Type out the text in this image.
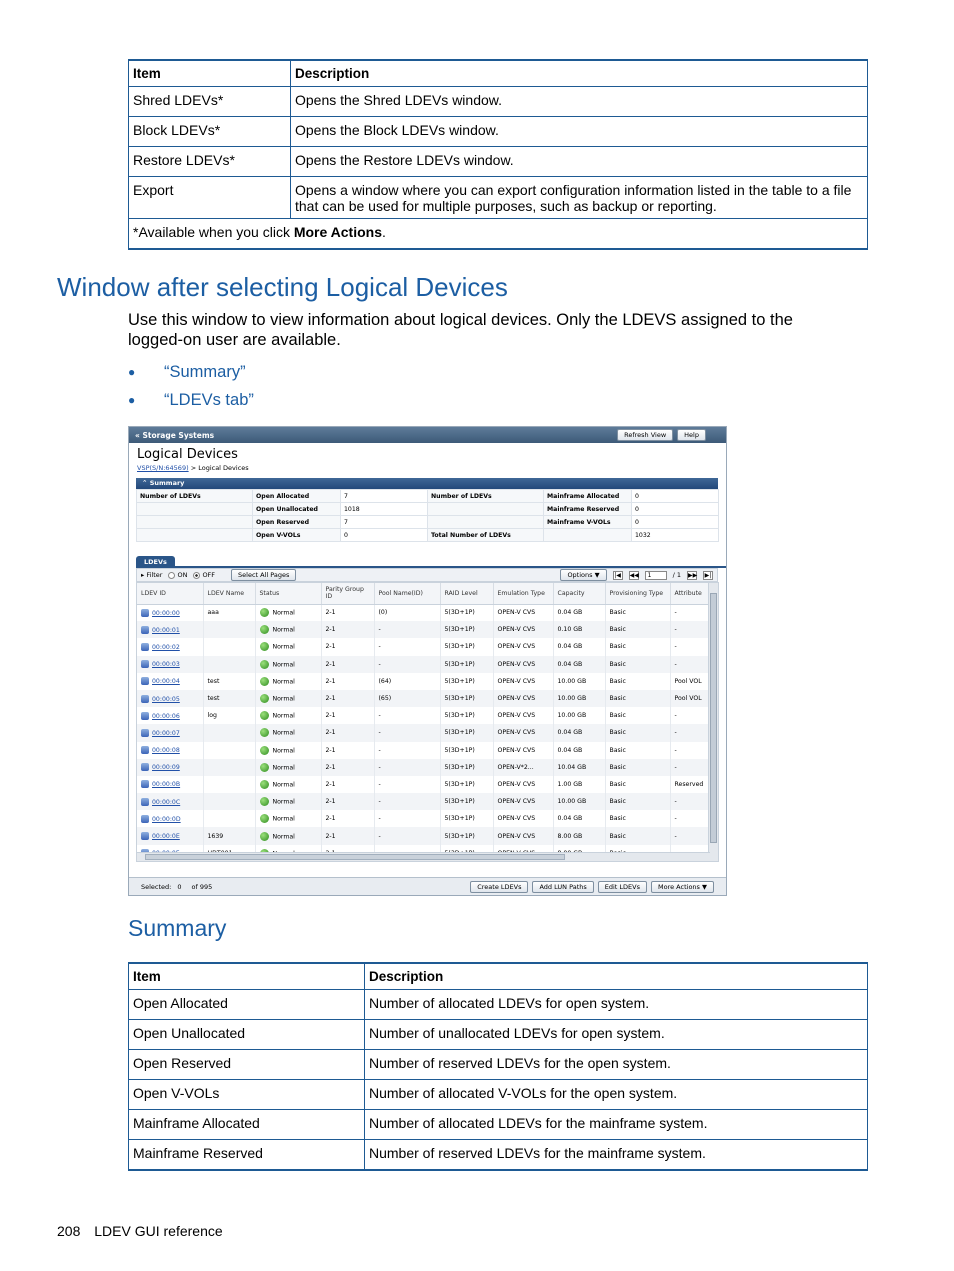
Item	Description
Shred LDEVs*	Opens the Shred LDEVs window.
Block LDEVs*	Opens the Block LDEVs window.
Restore LDEVs*	Opens the Restore LDEVs window.
Export	Opens a window where you can export configuration information listed in the table to a file that can be used for multiple purposes, such as backup or reporting.
*Available when you click More Actions.	
Window after selecting Logical Devices

Use this window to view information about logical devices. Only the LDEVS assigned to the logged-on user are available.

●	“Summary”
●	“LDEVs tab”
« Storage Systems	Refresh View	Help
Logical Devices
VSP(S/N:64569) > Logical Devices
⌃ Summary
Number of LDEVs	Open Allocated	7	Number of LDEVs	Mainframe Allocated	0
	Open Unallocated	1018		Mainframe Reserved	0
	Open Reserved	7		Mainframe V-VOLs	0
	Open V-VOLs	0	Total Number of LDEVs		1032
LDEVs
▸ Filter	ON	OFF	Select All Pages	Options ▼	|◀ ◀◀	1	/ 1 ▶▶ ▶|
LDEV ID	LDEV Name	Status	Parity Group ID	Pool Name(ID)	RAID Level	Emulation Type	Capacity	Provisioning Type	Attribute
00:00:00	aaa	Normal	2-1	(0)	5(3D+1P)	OPEN-V CVS	0.04 GB	Basic	-
00:00:01		Normal	2-1	-	5(3D+1P)	OPEN-V CVS	0.10 GB	Basic	-
00:00:02		Normal	2-1	-	5(3D+1P)	OPEN-V CVS	0.04 GB	Basic	-
00:00:03		Normal	2-1	-	5(3D+1P)	OPEN-V CVS	0.04 GB	Basic	-
00:00:04	test	Normal	2-1	(64)	5(3D+1P)	OPEN-V CVS	10.00 GB	Basic	Pool VOL
00:00:05	test	Normal	2-1	(65)	5(3D+1P)	OPEN-V CVS	10.00 GB	Basic	Pool VOL
00:00:06	log	Normal	2-1	-	5(3D+1P)	OPEN-V CVS	10.00 GB	Basic	-
00:00:07		Normal	2-1	-	5(3D+1P)	OPEN-V CVS	0.04 GB	Basic	-
00:00:08		Normal	2-1	-	5(3D+1P)	OPEN-V CVS	0.04 GB	Basic	-
00:00:09		Normal	2-1	-	5(3D+1P)	OPEN-V*2...	10.04 GB	Basic	-
00:00:0B		Normal	2-1	-	5(3D+1P)	OPEN-V CVS	1.00 GB	Basic	Reserved
00:00:0C		Normal	2-1	-	5(3D+1P)	OPEN-V CVS	10.00 GB	Basic	-
00:00:0D		Normal	2-1	-	5(3D+1P)	OPEN-V CVS	0.04 GB	Basic	-
00:00:0E	1639	Normal	2-1	-	5(3D+1P)	OPEN-V CVS	8.00 GB	Basic	-

Selected: 0 of 995	Create LDEVs	Add LUN Paths	Edit LDEVs	More Actions ▼
Summary
Item	Description
Open Allocated	Number of allocated LDEVs for open system.
Open Unallocated	Number of unallocated LDEVs for open system.
Open Reserved	Number of reserved LDEVs for the open system.
Open V-VOLs	Number of allocated V-VOLs for the open system.
Mainframe Allocated	Number of allocated LDEVs for the mainframe system.
Mainframe Reserved	Number of reserved LDEVs for the mainframe system.
208 LDEV GUI reference
